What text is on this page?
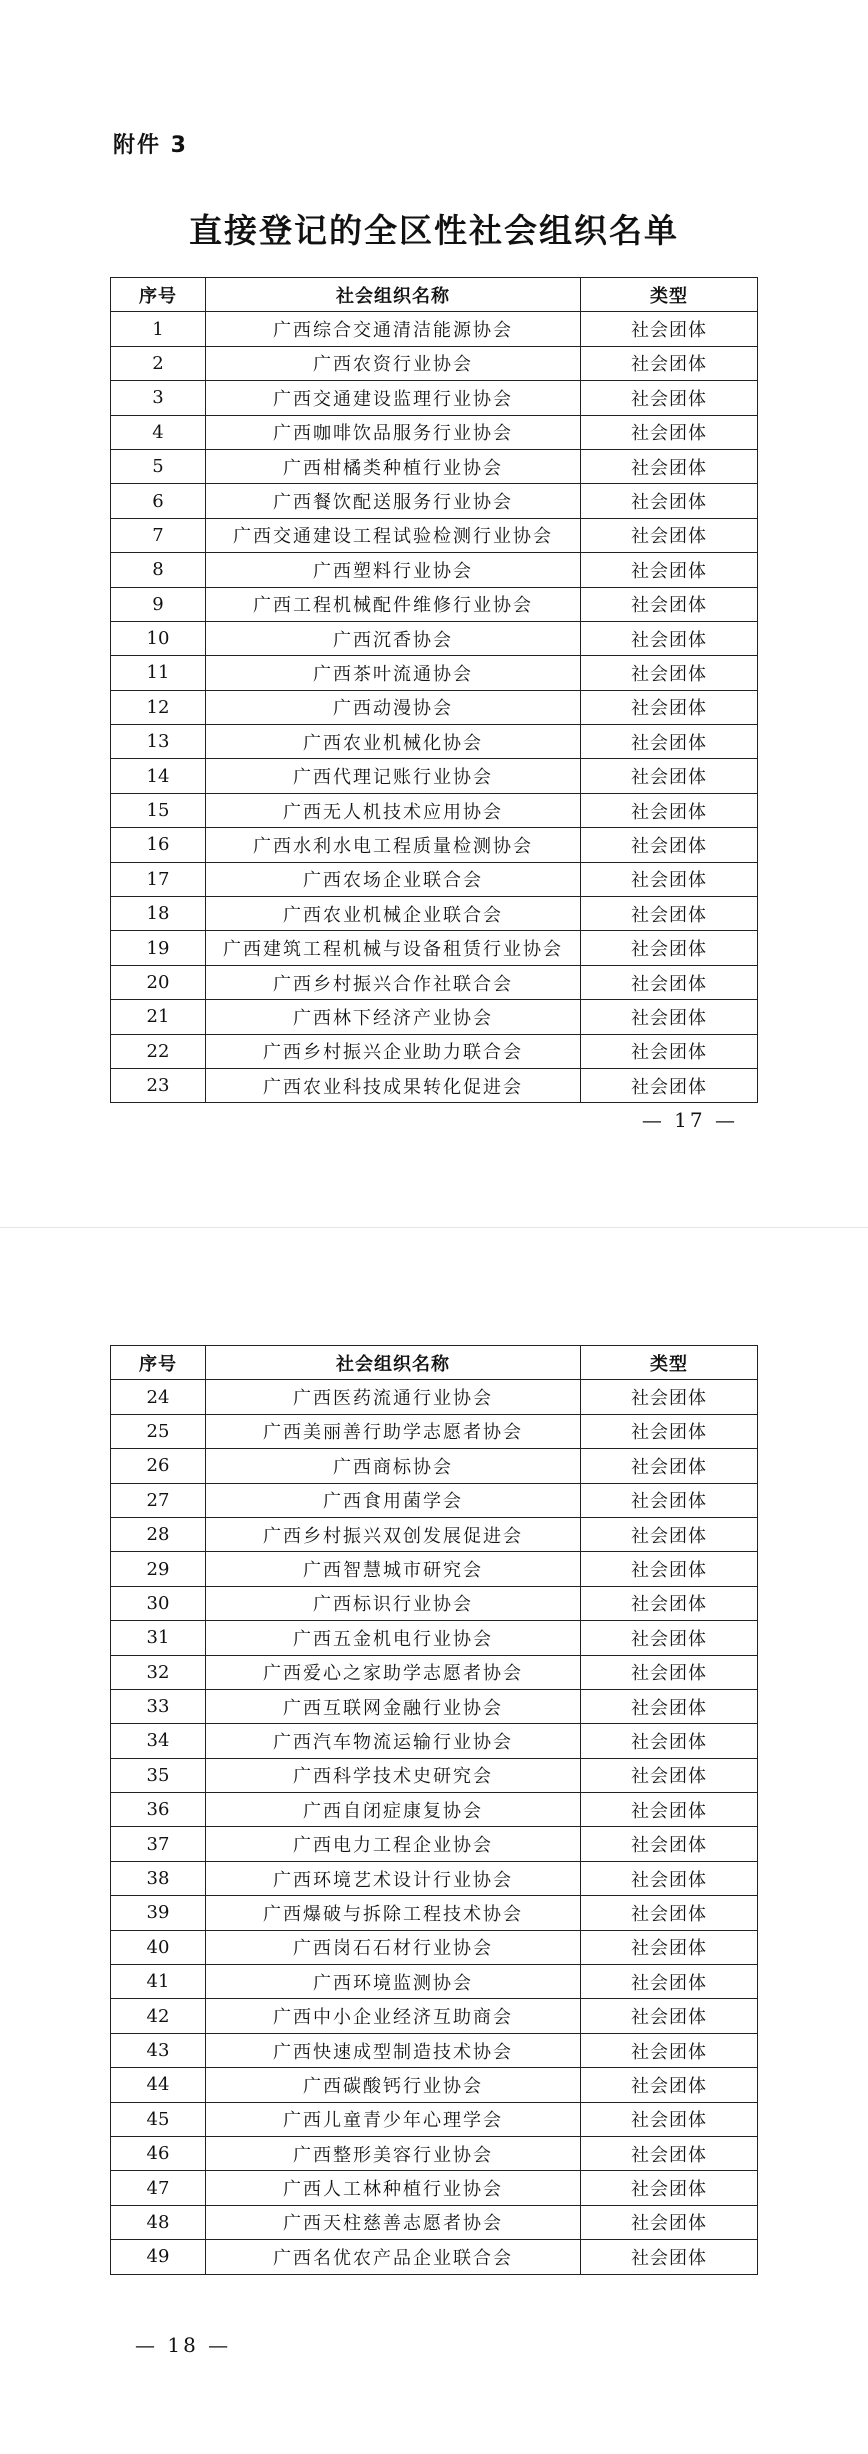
附件 3
直接登记的全区性社会组织名单
序号	社会组织名称	类型
1	广西综合交通清洁能源协会	社会团体
2	广西农资行业协会	社会团体
3	广西交通建设监理行业协会	社会团体
4	广西咖啡饮品服务行业协会	社会团体
5	广西柑橘类种植行业协会	社会团体
6	广西餐饮配送服务行业协会	社会团体
7	广西交通建设工程试验检测行业协会	社会团体
8	广西塑料行业协会	社会团体
9	广西工程机械配件维修行业协会	社会团体
10	广西沉香协会	社会团体
11	广西茶叶流通协会	社会团体
12	广西动漫协会	社会团体
13	广西农业机械化协会	社会团体
14	广西代理记账行业协会	社会团体
15	广西无人机技术应用协会	社会团体
16	广西水利水电工程质量检测协会	社会团体
17	广西农场企业联合会	社会团体
18	广西农业机械企业联合会	社会团体
19	广西建筑工程机械与设备租赁行业协会	社会团体
20	广西乡村振兴合作社联合会	社会团体
21	广西林下经济产业协会	社会团体
22	广西乡村振兴企业助力联合会	社会团体
23	广西农业科技成果转化促进会	社会团体
— 17 —
序号	社会组织名称	类型
24	广西医药流通行业协会	社会团体
25	广西美丽善行助学志愿者协会	社会团体
26	广西商标协会	社会团体
27	广西食用菌学会	社会团体
28	广西乡村振兴双创发展促进会	社会团体
29	广西智慧城市研究会	社会团体
30	广西标识行业协会	社会团体
31	广西五金机电行业协会	社会团体
32	广西爱心之家助学志愿者协会	社会团体
33	广西互联网金融行业协会	社会团体
34	广西汽车物流运输行业协会	社会团体
35	广西科学技术史研究会	社会团体
36	广西自闭症康复协会	社会团体
37	广西电力工程企业协会	社会团体
38	广西环境艺术设计行业协会	社会团体
39	广西爆破与拆除工程技术协会	社会团体
40	广西岗石石材行业协会	社会团体
41	广西环境监测协会	社会团体
42	广西中小企业经济互助商会	社会团体
43	广西快速成型制造技术协会	社会团体
44	广西碳酸钙行业协会	社会团体
45	广西儿童青少年心理学会	社会团体
46	广西整形美容行业协会	社会团体
47	广西人工林种植行业协会	社会团体
48	广西天柱慈善志愿者协会	社会团体
49	广西名优农产品企业联合会	社会团体
— 18 —
